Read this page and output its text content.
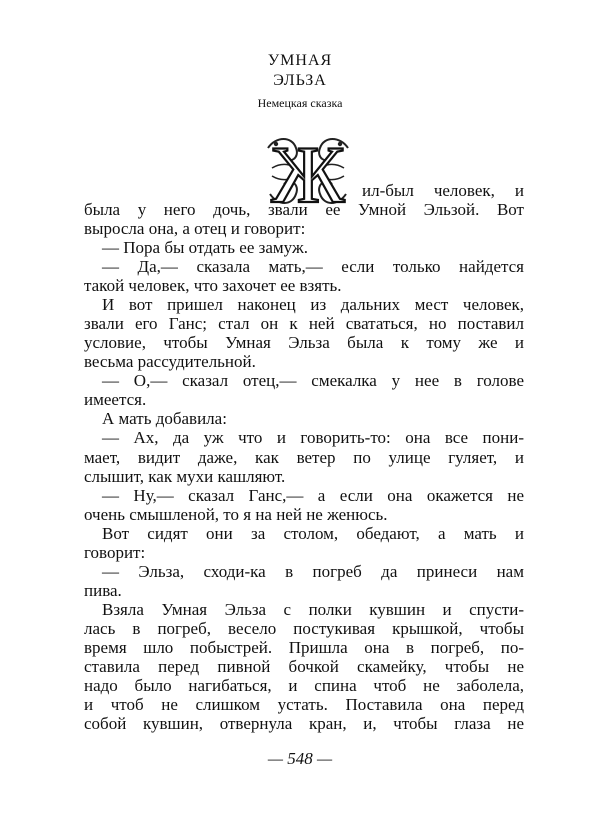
УМНАЯ
ЭЛЬЗА
Немецкая сказка
Ж ил-был человек, и
была у него дочь, звали ее Умной Эльзой. Вот
выросла она, а отец и говорит:
— Пора бы отдать ее замуж.
— Да,— сказала мать,— если только найдется
такой человек, что захочет ее взять.
И вот пришел наконец из дальних мест человек,
звали его Ганс; стал он к ней свататься, но поставил
условие, чтобы Умная Эльза была к тому же и
весьма рассудительной.
— О,— сказал отец,— смекалка у нее в голове
имеется.
А мать добавила:
— Ах, да уж что и говорить-то: она все пони-
мает, видит даже, как ветер по улице гуляет, и
слышит, как мухи кашляют.
— Ну,— сказал Ганс,— а если она окажется не
очень смышленой, то я на ней не женюсь.
Вот сидят они за столом, обедают, а мать и
говорит:
— Эльза, сходи-ка в погреб да принеси нам
пива.
Взяла Умная Эльза с полки кувшин и спусти-
лась в погреб, весело постукивая крышкой, чтобы
время шло побыстрей. Пришла она в погреб, по-
ставила перед пивной бочкой скамейку, чтобы не
надо было нагибаться, и спина чтоб не заболела,
и чтоб не слишком устать. Поставила она перед
собой кувшин, отвернула кран, и, чтобы глаза не
— 548 —
